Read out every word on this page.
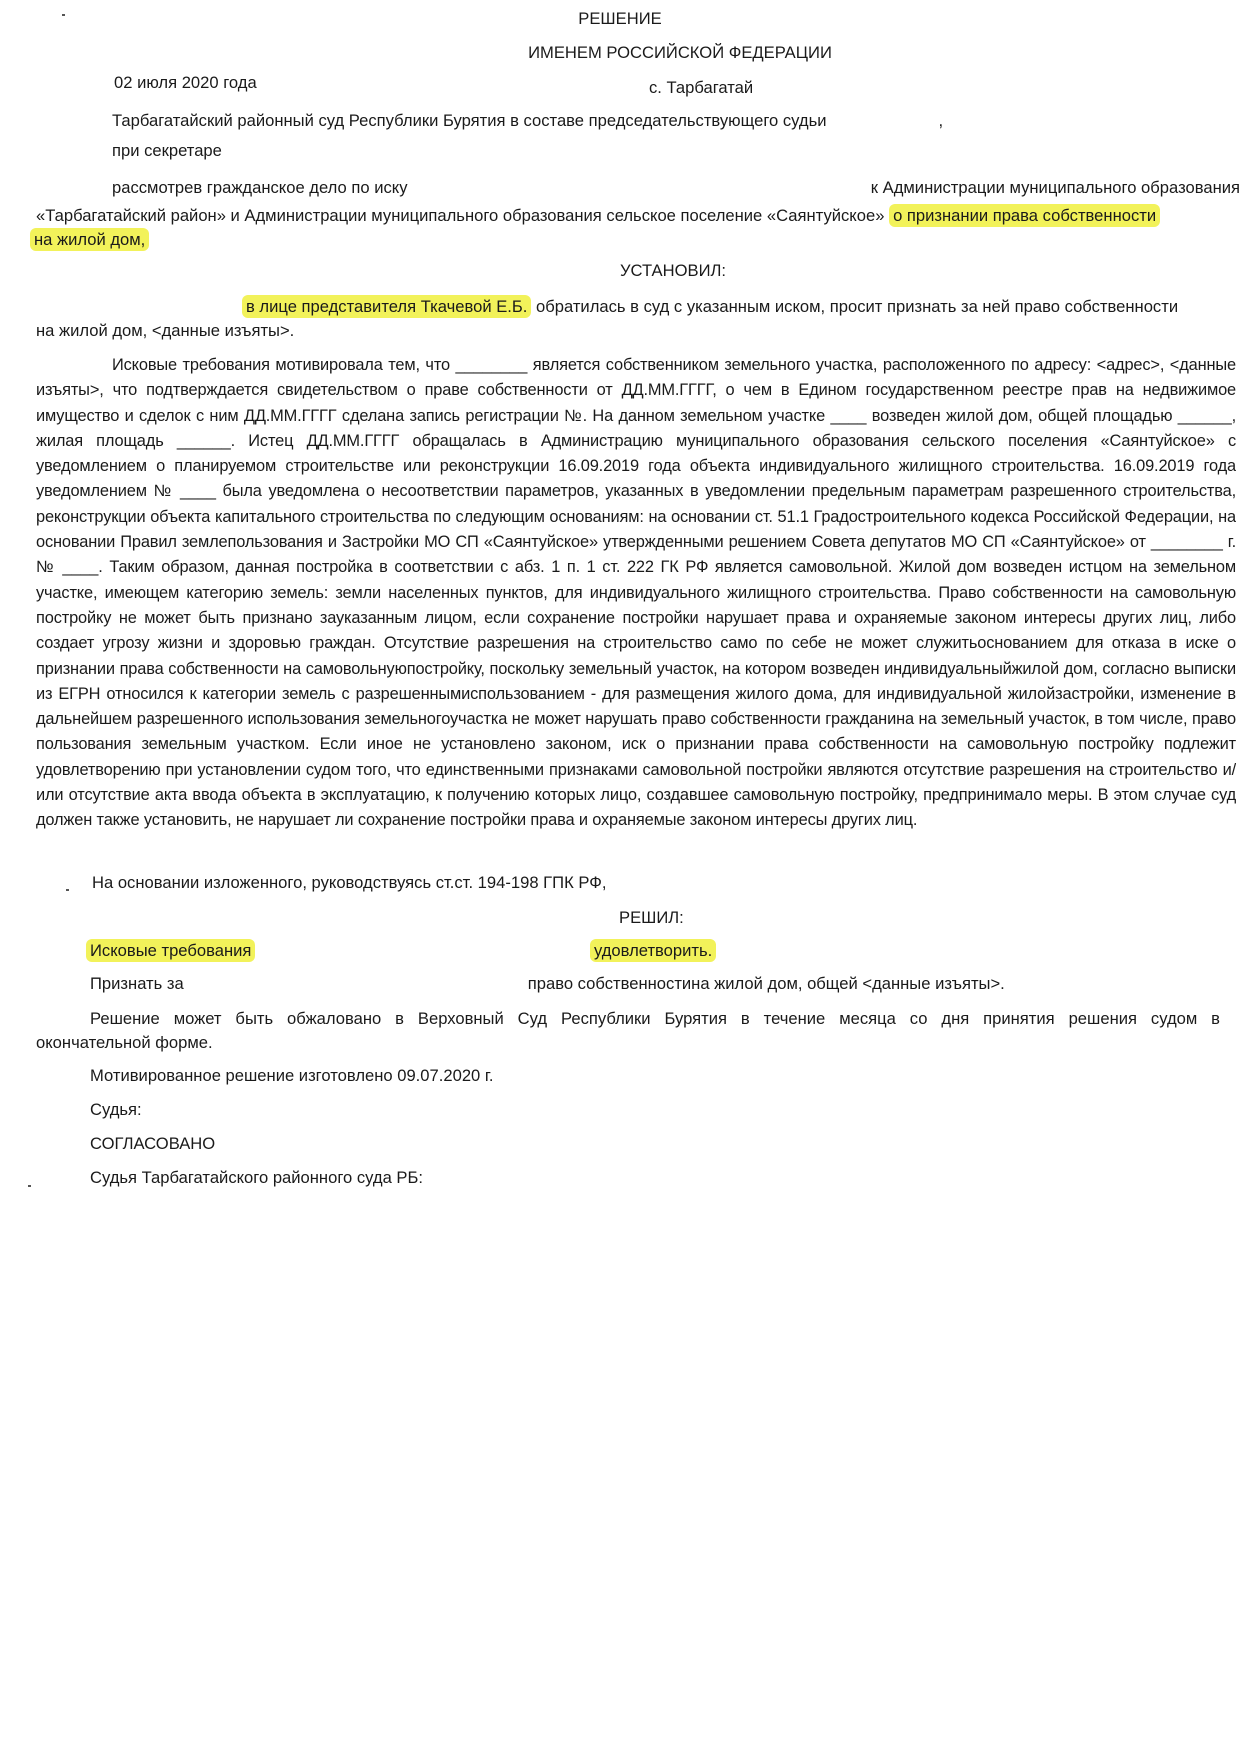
РЕШЕНИЕ
ИМЕНЕМ РОССИЙСКОЙ ФЕДЕРАЦИИ
02 июля 2020 года	с. Тарбагатай
Тарбагатайский районный суд Республики Бурятия в составе председательствующего судьи	,
при секретаре
рассмотрев гражданское дело по иску	к Администрации муниципального образования
«Тарбагатайский район» и Администрации муниципального образования сельское поселение «Саянтуйское» о признании права собственности
на жилой дом,
УСТАНОВИЛ:
в лице представителя Ткачевой Е.Б. обратилась в суд с указанным иском, просит признать за ней право собственности
на жилой дом, <данные изъяты>.
Исковые требования мотивировала тем, что ________ является собственником земельного участка, расположенного по адресу: <адрес>, <данные изъяты>, что подтверждается свидетельством о праве собственности от ДД.ММ.ГГГГ, о чем в Едином государственном реестре прав на недвижимое имущество и сделок с ним ДД.ММ.ГГГГ сделана запись регистрации №. На данном земельном участке ____ возведен жилой дом, общей площадью ______, жилая площадь ______. Истец ДД.ММ.ГГГГ обращалась в Администрацию муниципального образования сельского поселения «Саянтуйское» с уведомлением о планируемом строительстве или реконструкции 16.09.2019 года объекта индивидуального жилищного строительства. 16.09.2019 года уведомлением № ____ была уведомлена о несоответствии параметров, указанных в уведомлении предельным параметрам разрешенного строительства, реконструкции объекта капитального строительства по следующим основаниям: на основании ст. 51.1 Градостроительного кодекса Российской Федерации, на основании Правил землепользования и Застройки МО СП «Саянтуйское» утвержденными решением Совета депутатов МО СП «Саянтуйское» от ________ г. № ____. Таким образом, данная постройка в соответствии с абз. 1 п. 1 ст. 222 ГК РФ является самовольной. Жилой дом возведен истцом на земельном участке, имеющем категорию земель: земли населенных пунктов, для индивидуального жилищного строительства. Право собственности на самовольную постройку не может быть признано зауказанным лицом, если сохранение постройки нарушает права и охраняемые законом интересы других лиц, либо создает угрозу жизни и здоровью граждан. Отсутствие разрешения на строительство само по себе не может служитьоснованием для отказа в иске о признании права собственности на самовольнуюпостройку, поскольку земельный участок, на котором возведен индивидуальныйжилой дом, согласно выписки из ЕГРН относился к категории земель с разрешеннымиспользованием - для размещения жилого дома, для индивидуальной жилойзастройки, изменение в дальнейшем разрешенного использования земельногоучастка не может нарушать право собственности гражданина на земельный участок, в том числе, право пользования земельным участком. Если иное не установлено законом, иск о признании права собственности на самовольную постройку подлежит удовлетворению при установлении судом того, что единственными признаками самовольной постройки являются отсутствие разрешения на строительство и/или отсутствие акта ввода объекта в эксплуатацию, к получению которых лицо, создавшее самовольную постройку, предпринимало меры. В этом случае суд должен также установить, не нарушает ли сохранение постройки права и охраняемые законом интересы других лиц.
На основании изложенного, руководствуясь ст.ст. 194-198 ГПК РФ,
РЕШИЛ:
Исковые требования	удовлетворить.
Признать за	право собственностина жилой дом, общей <данные изъяты>.
Решение может быть обжаловано в Верховный Суд Республики Бурятия в течение месяца со дня принятия решения судом в
окончательной форме.
Мотивированное решение изготовлено 09.07.2020 г.
Судья:
СОГЛАСОВАНО
Судья Тарбагатайского районного суда РБ:
